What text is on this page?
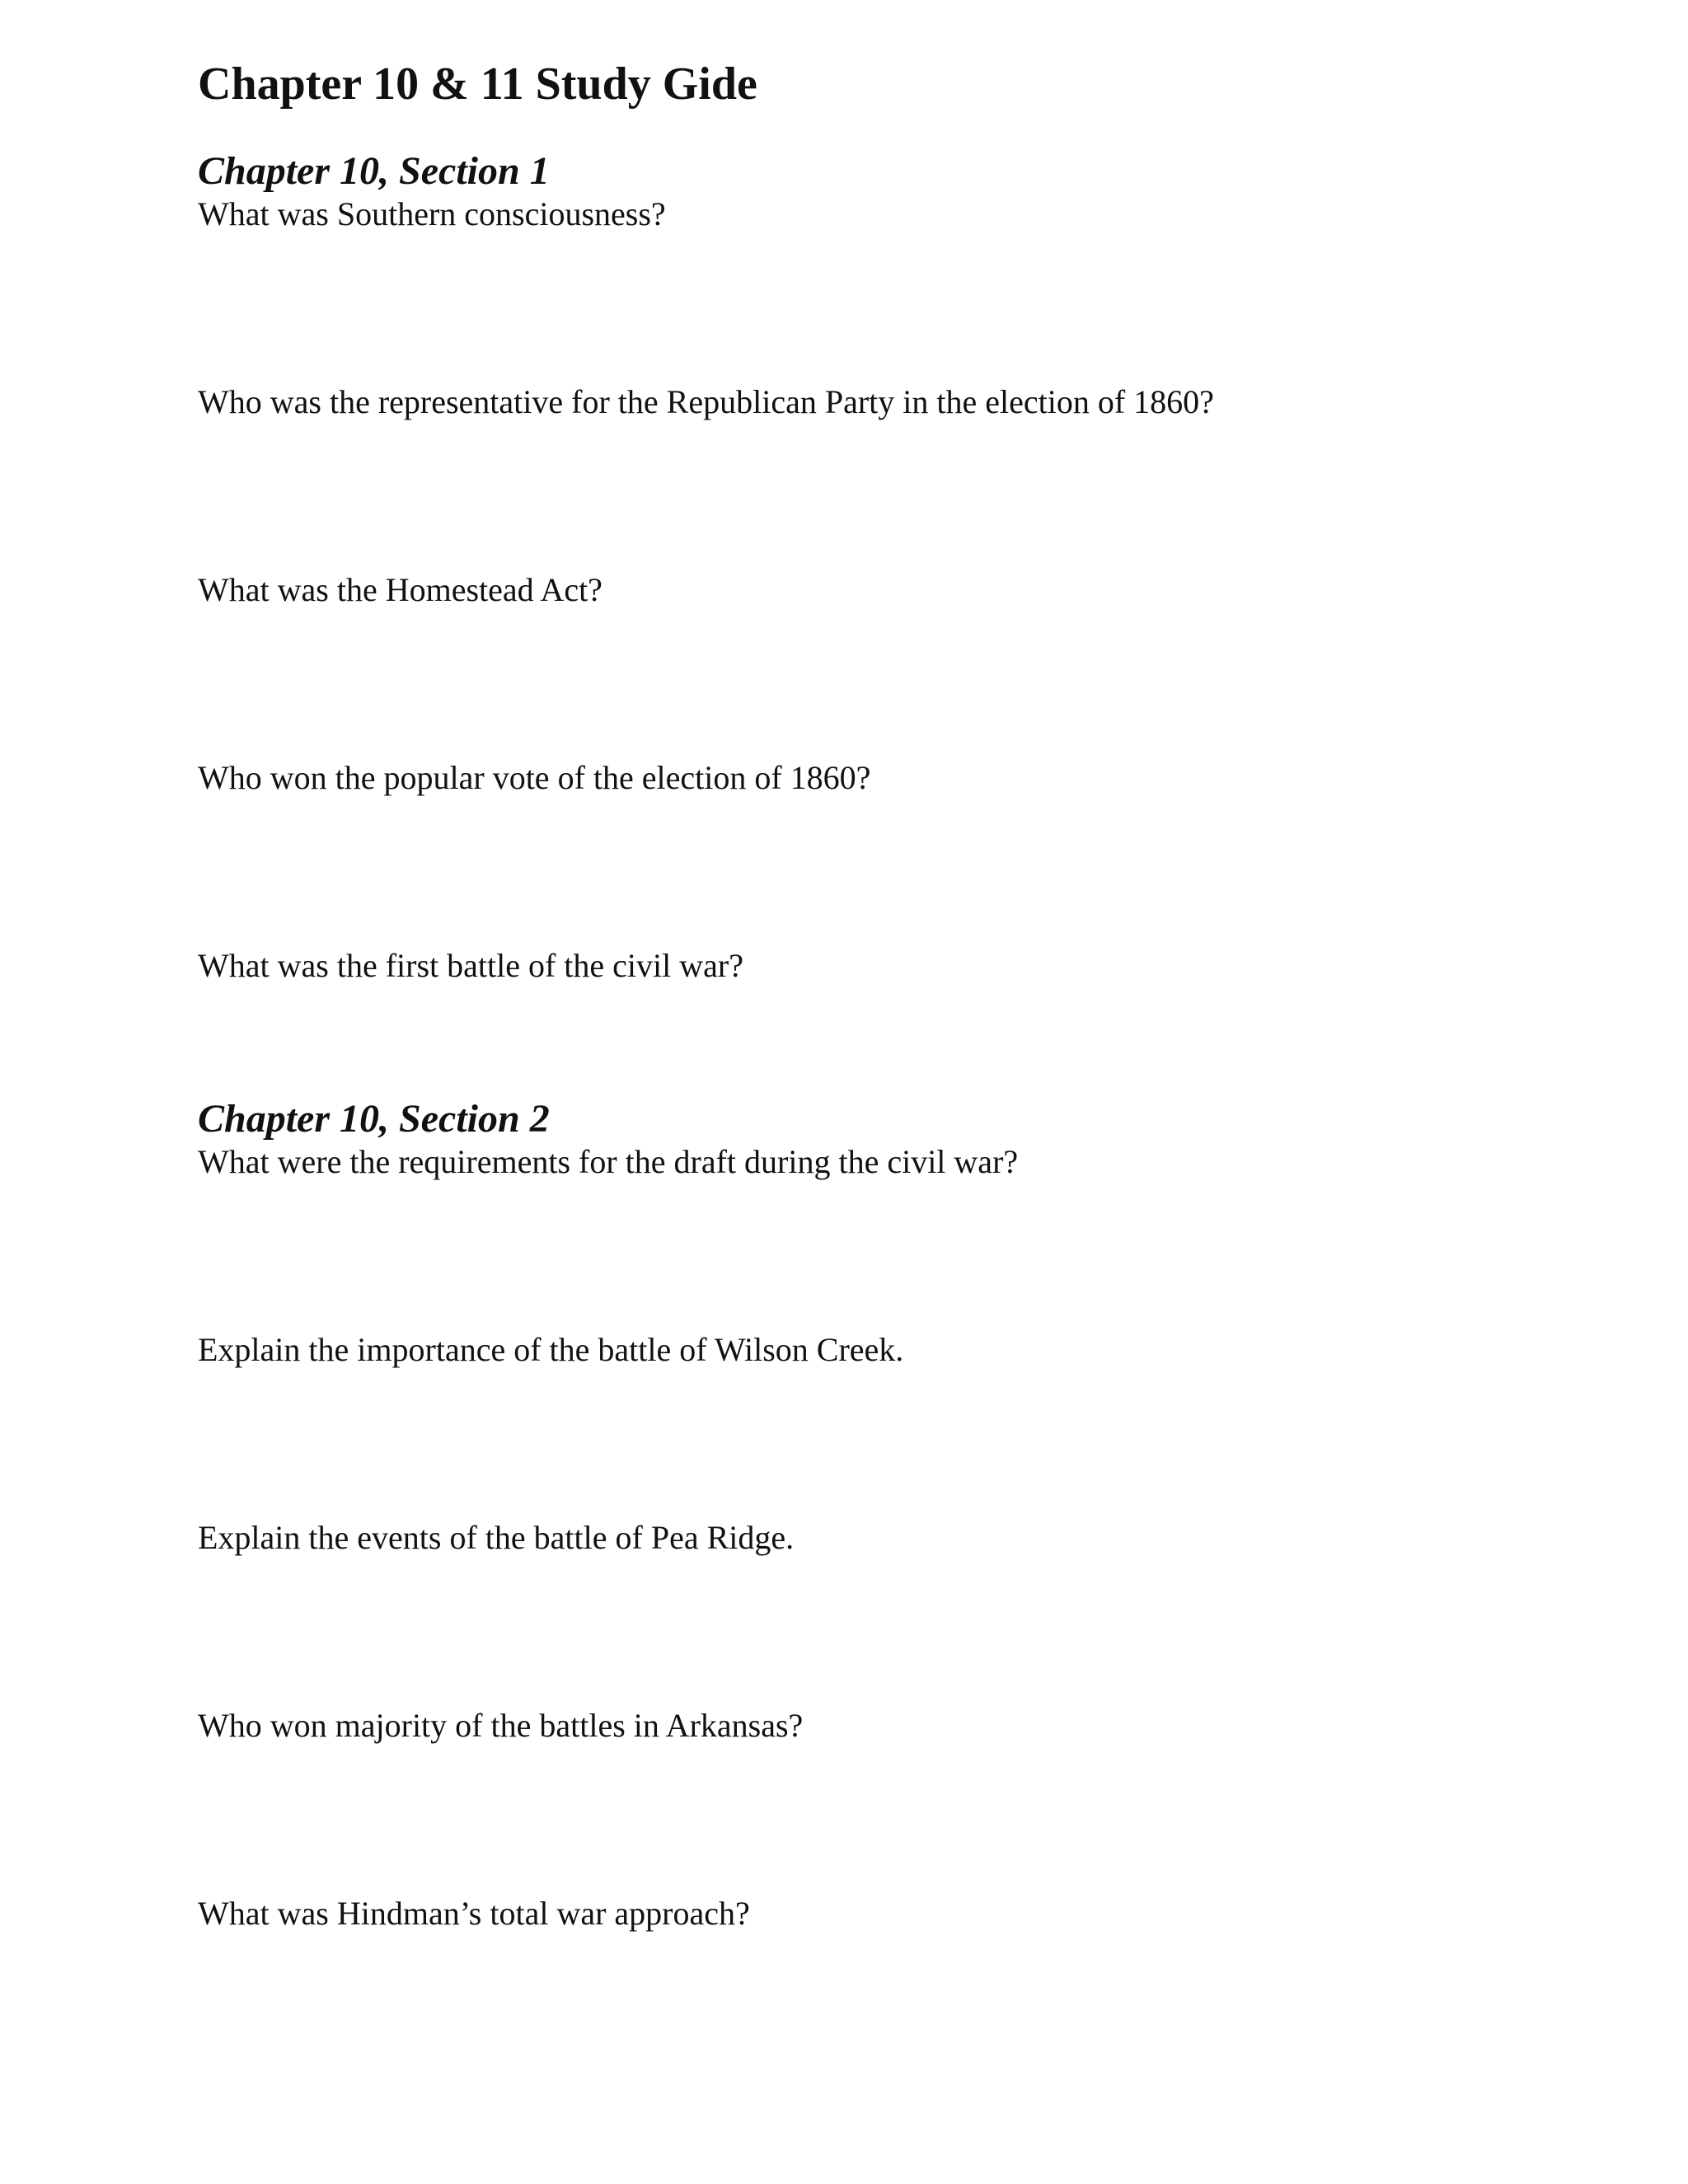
Chapter 10 & 11 Study Gide
Chapter 10, Section 1

What was Southern consciousness?

Who was the representative for the Republican Party in the election of 1860?

What was the Homestead Act?

Who won the popular vote of the election of 1860?

What was the first battle of the civil war?

Chapter 10, Section 2

What were the requirements for the draft during the civil war?

Explain the importance of the battle of Wilson Creek.

Explain the events of the battle of Pea Ridge.

Who won majority of the battles in Arkansas?

What was Hindman’s total war approach?
